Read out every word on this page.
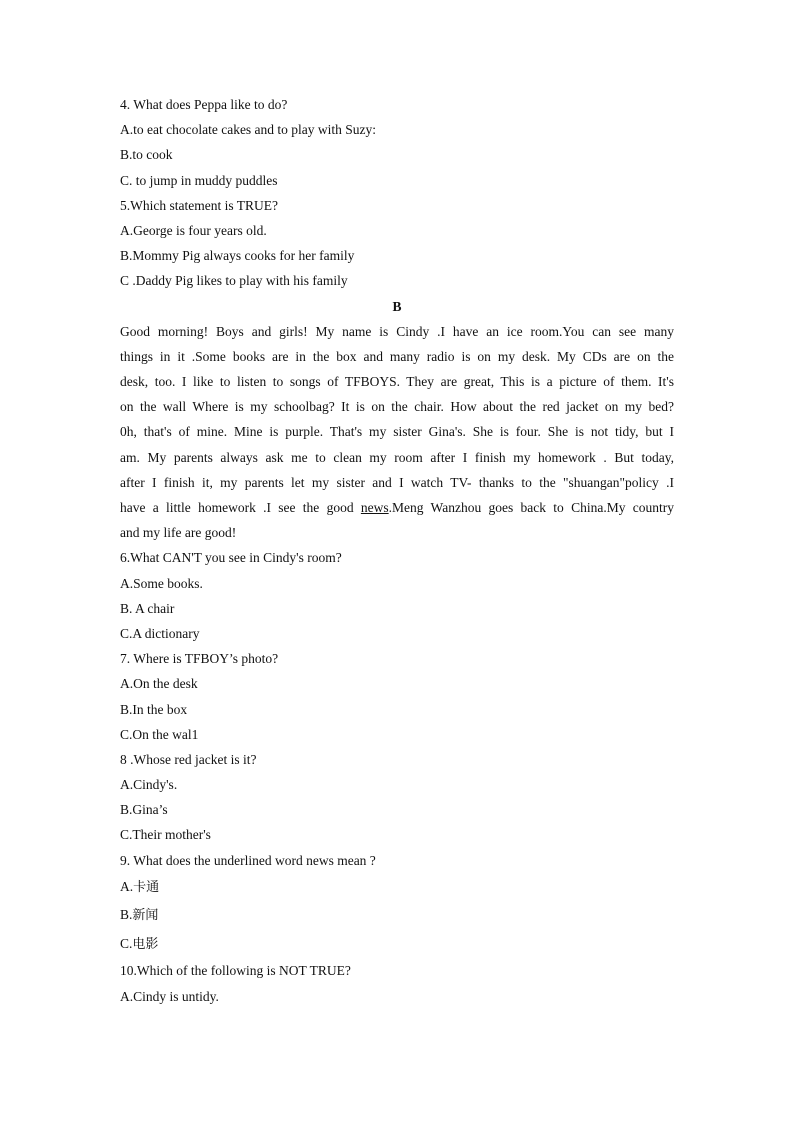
4. What does Peppa like to do?
A.to eat chocolate cakes and to play with Suzy:
B.to cook
C. to jump in muddy puddles
5.Which statement is TRUE?
A.George is four years old.
B.Mommy Pig always cooks for her family
C .Daddy Pig likes to play with his family
B
Good morning! Boys and girls! My name is Cindy .I have an ice room.You can see many
things in it .Some books are in the box and many radio is on my desk. My CDs are on the
desk, too. I like to listen to songs of TFBOYS. They are great, This is a picture of them. It's
on the wall Where is my schoolbag? It is on the chair. How about the red jacket on my bed?
0h, that's of mine. Mine is purple. That's my sister Gina's. She is four. She is not tidy, but I
am. My parents always ask me to clean my room after I finish my homework . But today,
after I finish it, my parents let my sister and I watch TV- thanks to the "shuangan"policy .I
have a little homework .I see the good news.Meng Wanzhou goes back to China.My country
and my life are good!
6.What CAN'T you see in Cindy's room?
A.Some books.
B. A chair
C.A dictionary
7. Where is TFBOY’s photo?
A.On the desk
B.In the box
C.On the wal1
8 .Whose red jacket is it?
A.Cindy's.
B.Gina’s
C.Their mother's
9. What does the underlined word news mean ?
A.卡通
B.新闻
C.电影
10.Which of the following is NOT TRUE?
A.Cindy is untidy.
